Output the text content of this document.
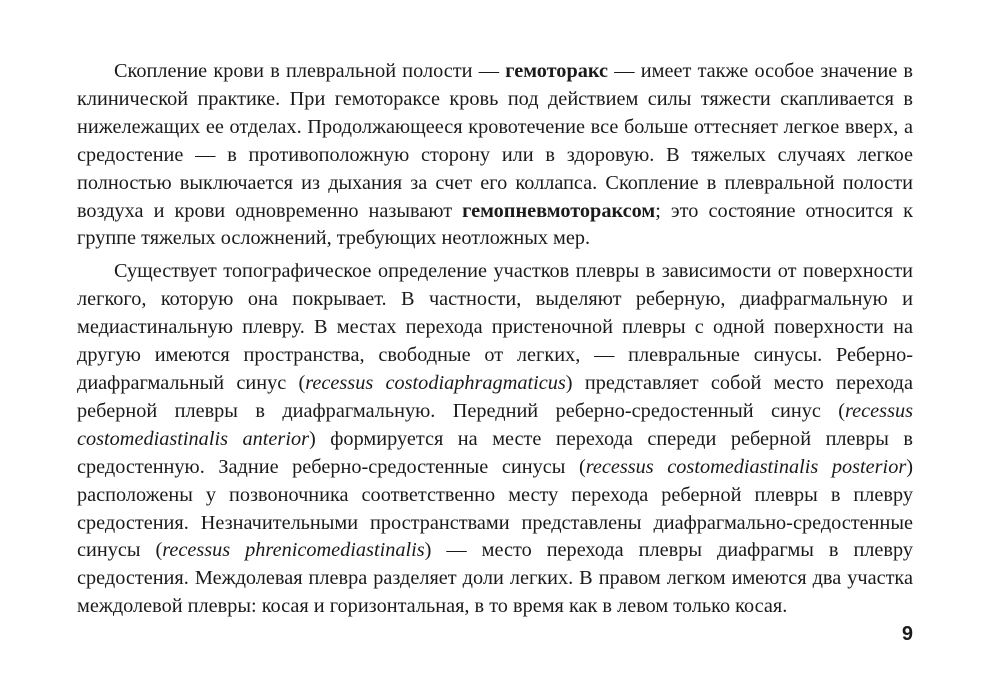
Скопление крови в плевральной полости — гемоторакс — имеет также особое значение в клинической практике. При гемотораксе кровь под действием силы тяжести скапливается в нижележащих ее отделах. Продолжающееся кровотечение все больше оттесняет легкое вверх, а средостение — в противоположную сторону или в здоровую. В тяжелых случаях легкое полностью выключается из дыхания за счет его коллапса. Скопление в плевральной полости воздуха и крови одновременно называют гемопневмотораксом; это состояние относится к группе тяжелых осложнений, требующих неотложных мер.

Существует топографическое определение участков плевры в зависимости от поверхности легкого, которую она покрывает. В частности, выделяют реберную, диафрагмальную и медиастинальную плевру. В местах перехода пристеночной плевры с одной поверхности на другую имеются пространства, свободные от легких, — плевральные синусы. Реберно-диафрагмальный синус (recessus costodiaphragmaticus) представляет собой место перехода реберной плевры в диафрагмальную. Передний реберно-средостенный синус (recessus costomediastinalis anterior) формируется на месте перехода спереди реберной плевры в средостенную. Задние реберно-средостенные синусы (recessus costomediastinalis posterior) расположены у позвоночника соответственно месту перехода реберной плевры в плевру средостения. Незначительными пространствами представлены диафрагмально-средостенные синусы (recessus phrenicomediastinalis) — место перехода плевры диафрагмы в плевру средостения. Междолевая плевра разделяет доли легких. В правом легком имеются два участка междолевой плевры: косая и горизонтальная, в то время как в левом только косая.

9
